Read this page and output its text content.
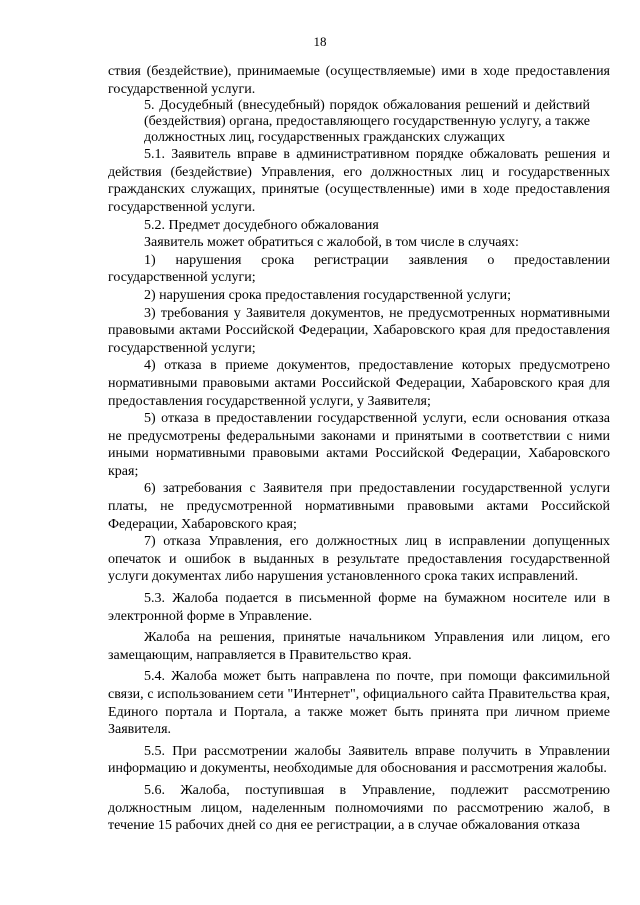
18

ствия (бездействие), принимаемые (осуществляемые) ими в ходе предоставления государственной услуги.

5. Досудебный (внесудебный) порядок обжалования решений и действий (бездействия) органа, предоставляющего государственную услугу, а также должностных лиц, государственных гражданских служащих

5.1. Заявитель вправе в административном порядке обжаловать решения и действия (бездействие) Управления, его должностных лиц и государственных гражданских служащих, принятые (осуществленные) ими в ходе предоставления государственной услуги.

5.2. Предмет досудебного обжалования

Заявитель может обратиться с жалобой, в том числе в случаях:

1) нарушения срока регистрации заявления о предоставлении государственной услуги;

2) нарушения срока предоставления государственной услуги;

3) требования у Заявителя документов, не предусмотренных нормативными правовыми актами Российской Федерации, Хабаровского края для предоставления государственной услуги;

4) отказа в приеме документов, предоставление которых предусмотрено нормативными правовыми актами Российской Федерации, Хабаровского края для предоставления государственной услуги, у Заявителя;

5) отказа в предоставлении государственной услуги, если основания отказа не предусмотрены федеральными законами и принятыми в соответствии с ними иными нормативными правовыми актами Российской Федерации, Хабаровского края;

6) затребования с Заявителя при предоставлении государственной услуги платы, не предусмотренной нормативными правовыми актами Российской Федерации, Хабаровского края;

7) отказа Управления, его должностных лиц в исправлении допущенных опечаток и ошибок в выданных в результате предоставления государственной услуги документах либо нарушения установленного срока таких исправлений.

5.3. Жалоба подается в письменной форме на бумажном носителе или в электронной форме в Управление.

Жалоба на решения, принятые начальником Управления или лицом, его замещающим, направляется в Правительство края.

5.4. Жалоба может быть направлена по почте, при помощи факсимильной связи, с использованием сети "Интернет", официального сайта Правительства края, Единого портала и Портала, а также может быть принята при личном приеме Заявителя.

5.5. При рассмотрении жалобы Заявитель вправе получить в Управлении информацию и документы, необходимые для обоснования и рассмотрения жалобы.

5.6. Жалоба, поступившая в Управление, подлежит рассмотрению должностным лицом, наделенным полномочиями по рассмотрению жалоб, в течение 15 рабочих дней со дня ее регистрации, а в случае обжалования отказа
